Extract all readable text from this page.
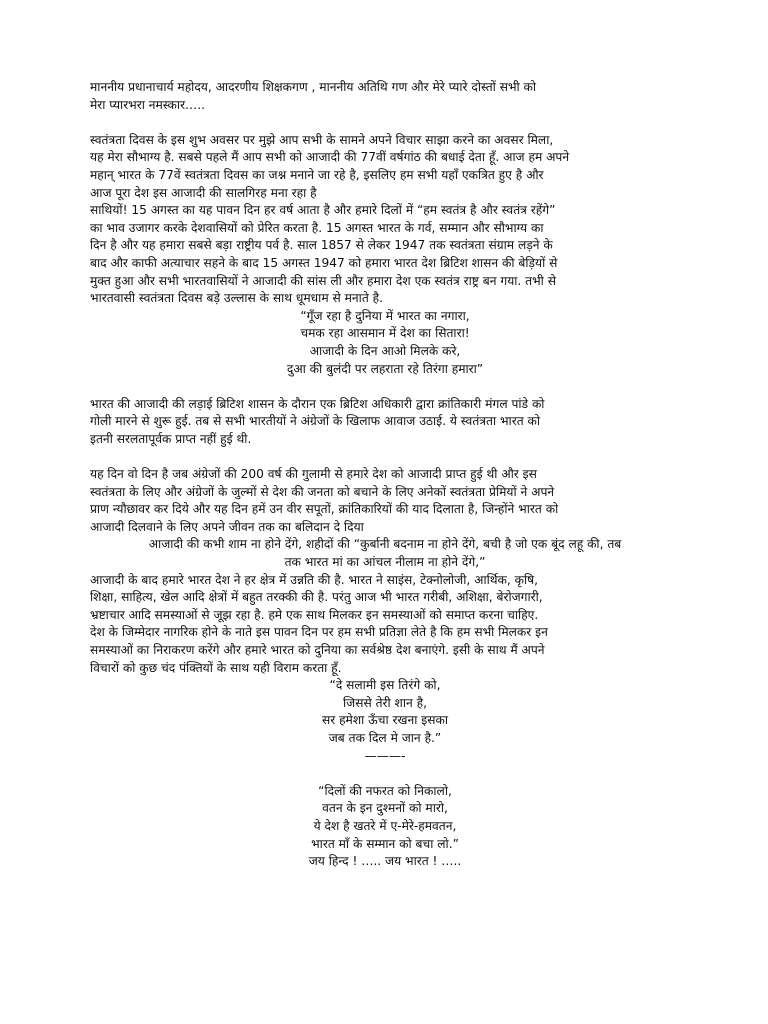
माननीय प्रधानाचार्य महोदय, आदरणीय शिक्षकगण , माननीय अतिथि गण और मेरे प्यारे दोस्तों सभी को
मेरा प्यारभरा नमस्कार…..

स्वतंत्रता दिवस के इस शुभ अवसर पर मुझे आप सभी के सामने अपने विचार साझा करने का अवसर मिला,
यह मेरा सौभाग्य है. सबसे पहले मैं आप सभी को आजादी की 77वीं वर्षगांठ की बधाई देता हूँ. आज हम अपने
महान् भारत के 77वें स्वतंत्रता दिवस का जश्न मनाने जा रहे है, इसलिए हम सभी यहाँ एकत्रित हुए है और
आज पूरा देश इस आजादी की सालगिरह मना रहा है

साथियों! 15 अगस्त का यह पावन दिन हर वर्ष आता है और हमारे दिलों में “हम स्वतंत्र है और स्वतंत्र रहेंगे”
का भाव उजागर करके देशवासियों को प्रेरित करता है. 15 अगस्त भारत के गर्व, सम्मान और सौभाग्य का
दिन है और यह हमारा सबसे बड़ा राष्ट्रीय पर्व है. साल 1857 से लेकर 1947 तक स्वतंत्रता संग्राम लड़ने के
बाद और काफी अत्याचार सहने के बाद 15 अगस्त 1947 को हमारा भारत देश ब्रिटिश शासन की बेड़ियों से
मुक्त हुआ और सभी भारतवासियों ने आजादी की सांस ली और हमारा देश एक स्वतंत्र राष्ट्र बन गया. तभी से
भारतवासी स्वतंत्रता दिवस बड़े उल्लास के साथ धूमधाम से मनाते है.

“गूँज रहा है दुनिया में भारत का नगारा,
चमक रहा आसमान में देश का सितारा!
आजादी के दिन आओ मिलके करे,
दुआ की बुलंदी पर लहराता रहे तिरंगा हमारा”

भारत की आजादी की लड़ाई ब्रिटिश शासन के दौरान एक ब्रिटिश अधिकारी द्वारा क्रांतिकारी मंगल पांडे को
गोली मारने से शुरू हुई. तब से सभी भारतीयों ने अंग्रेजों के खिलाफ आवाज उठाई. ये स्वतंत्रता भारत को
इतनी सरलतापूर्वक प्राप्त नहीं हुई थी.

यह दिन वो दिन है जब अंग्रेजों की 200 वर्ष की गुलामी से हमारे देश को आजादी प्राप्त हुई थी और इस
स्वतंत्रता के लिए और अंग्रेजों के जुल्मों से देश की जनता को बचाने के लिए अनेकों स्वतंत्रता प्रेमियों ने अपने
प्राण न्यौछावर कर दिये और यह दिन हमें उन वीर सपूतों, क्रांतिकारियों की याद दिलाता है, जिन्होंने भारत को
आजादी दिलवाने के लिए अपने जीवन तक का बलिदान दे दिया

आजादी की कभी शाम ना होने देंगे, शहीदों की “कुर्बानी बदनाम ना होने देंगे, बची है जो एक बूंद लहू की, तब
तक भारत मां का आंचल नीलाम ना होने देंगे,”

आजादी के बाद हमारे भारत देश ने हर क्षेत्र में उन्नति की है. भारत ने साइंस, टेक्नोलोजी, आर्थिक, कृषि,
शिक्षा, साहित्य, खेल आदि क्षेत्रों में बहुत तरक्की की है. परंतु आज भी भारत गरीबी, अशिक्षा, बेरोजगारी,
भ्रष्टाचार आदि समस्याओं से जूझ रहा है. हमे एक साथ मिलकर इन समस्याओं को समाप्त करना चाहिए.
देश के जिम्मेदार नागरिक होने के नाते इस पावन दिन पर हम सभी प्रतिज्ञा लेते है कि हम सभी मिलकर इन
समस्याओं का निराकरण करेंगे और हमारे भारत को दुनिया का सर्वश्रेष्ठ देश बनाएंगे. इसी के साथ मैं अपने
विचारों को कुछ चंद पंक्तियों के साथ यही विराम करता हूँ.

“दे सलामी इस तिरंगे को,
जिससे तेरी शान है,
सर हमेशा ऊँचा रखना इसका
जब तक दिल मे जान है.”
———-
“दिलों की नफरत को निकालो,
वतन के इन दुश्मनों को मारो,
ये देश है खतरे में ए-मेरे-हमवतन,
भारत माँ के सम्मान को बचा लो.”
जय हिन्द ! ….. जय भारत ! …..
